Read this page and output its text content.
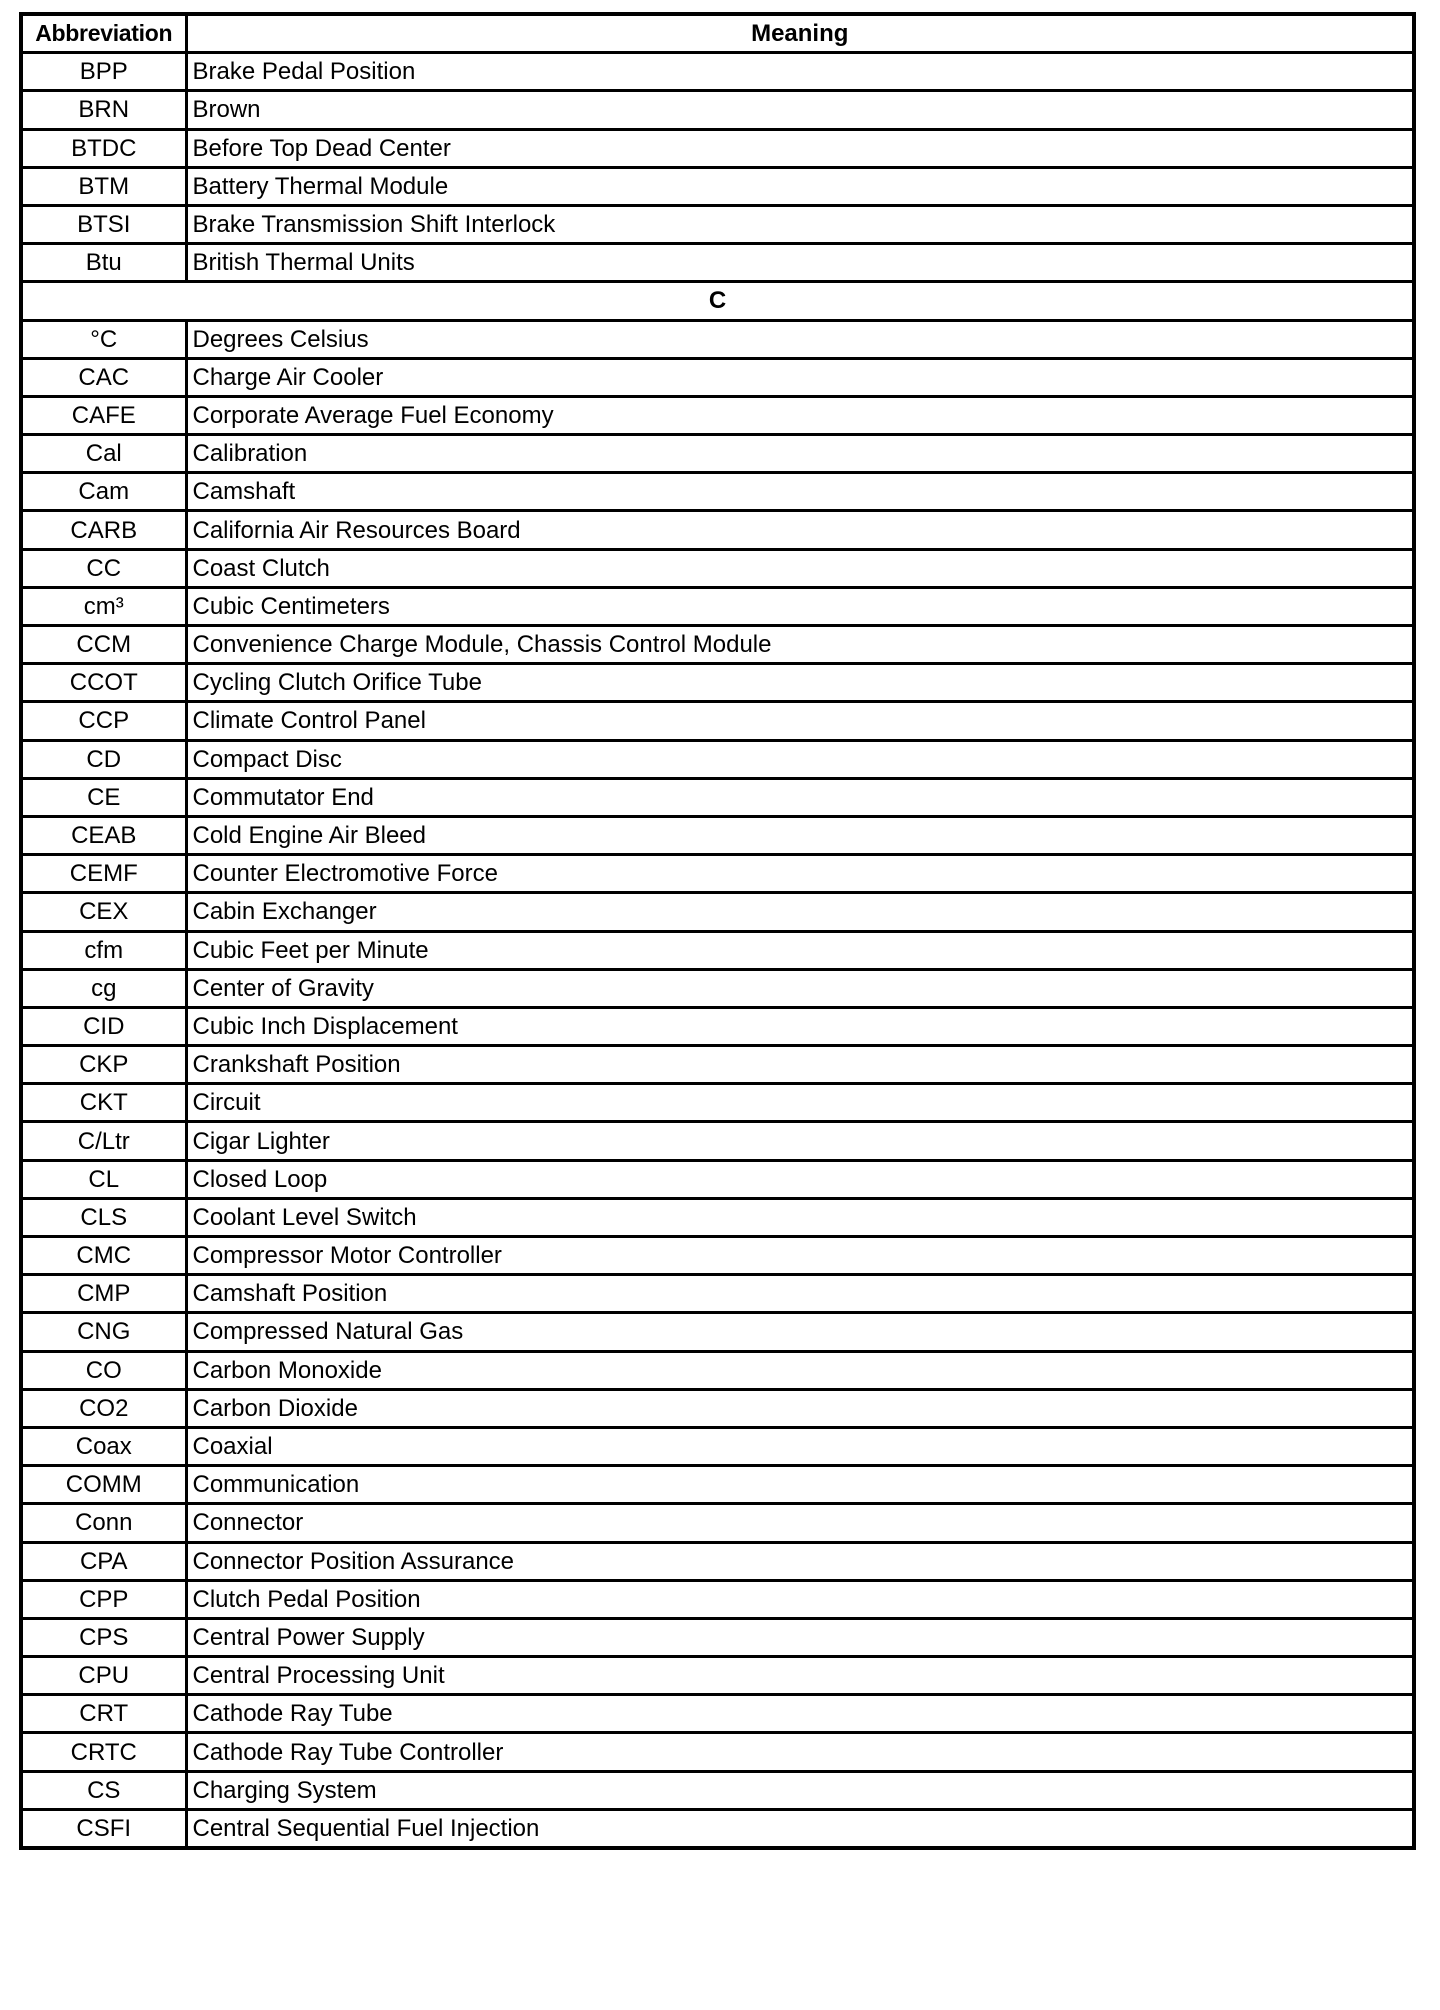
Abbreviation	Meaning
BPP	Brake Pedal Position
BRN	Brown
BTDC	Before Top Dead Center
BTM	Battery Thermal Module
BTSI	Brake Transmission Shift Interlock
Btu	British Thermal Units
C	
°C	Degrees Celsius
CAC	Charge Air Cooler
CAFE	Corporate Average Fuel Economy
Cal	Calibration
Cam	Camshaft
CARB	California Air Resources Board
CC	Coast Clutch
cm³	Cubic Centimeters
CCM	Convenience Charge Module, Chassis Control Module
CCOT	Cycling Clutch Orifice Tube
CCP	Climate Control Panel
CD	Compact Disc
CE	Commutator End
CEAB	Cold Engine Air Bleed
CEMF	Counter Electromotive Force
CEX	Cabin Exchanger
cfm	Cubic Feet per Minute
cg	Center of Gravity
CID	Cubic Inch Displacement
CKP	Crankshaft Position
CKT	Circuit
C/Ltr	Cigar Lighter
CL	Closed Loop
CLS	Coolant Level Switch
CMC	Compressor Motor Controller
CMP	Camshaft Position
CNG	Compressed Natural Gas
CO	Carbon Monoxide
CO2	Carbon Dioxide
Coax	Coaxial
COMM	Communication
Conn	Connector
CPA	Connector Position Assurance
CPP	Clutch Pedal Position
CPS	Central Power Supply
CPU	Central Processing Unit
CRT	Cathode Ray Tube
CRTC	Cathode Ray Tube Controller
CS	Charging System
CSFI	Central Sequential Fuel Injection
